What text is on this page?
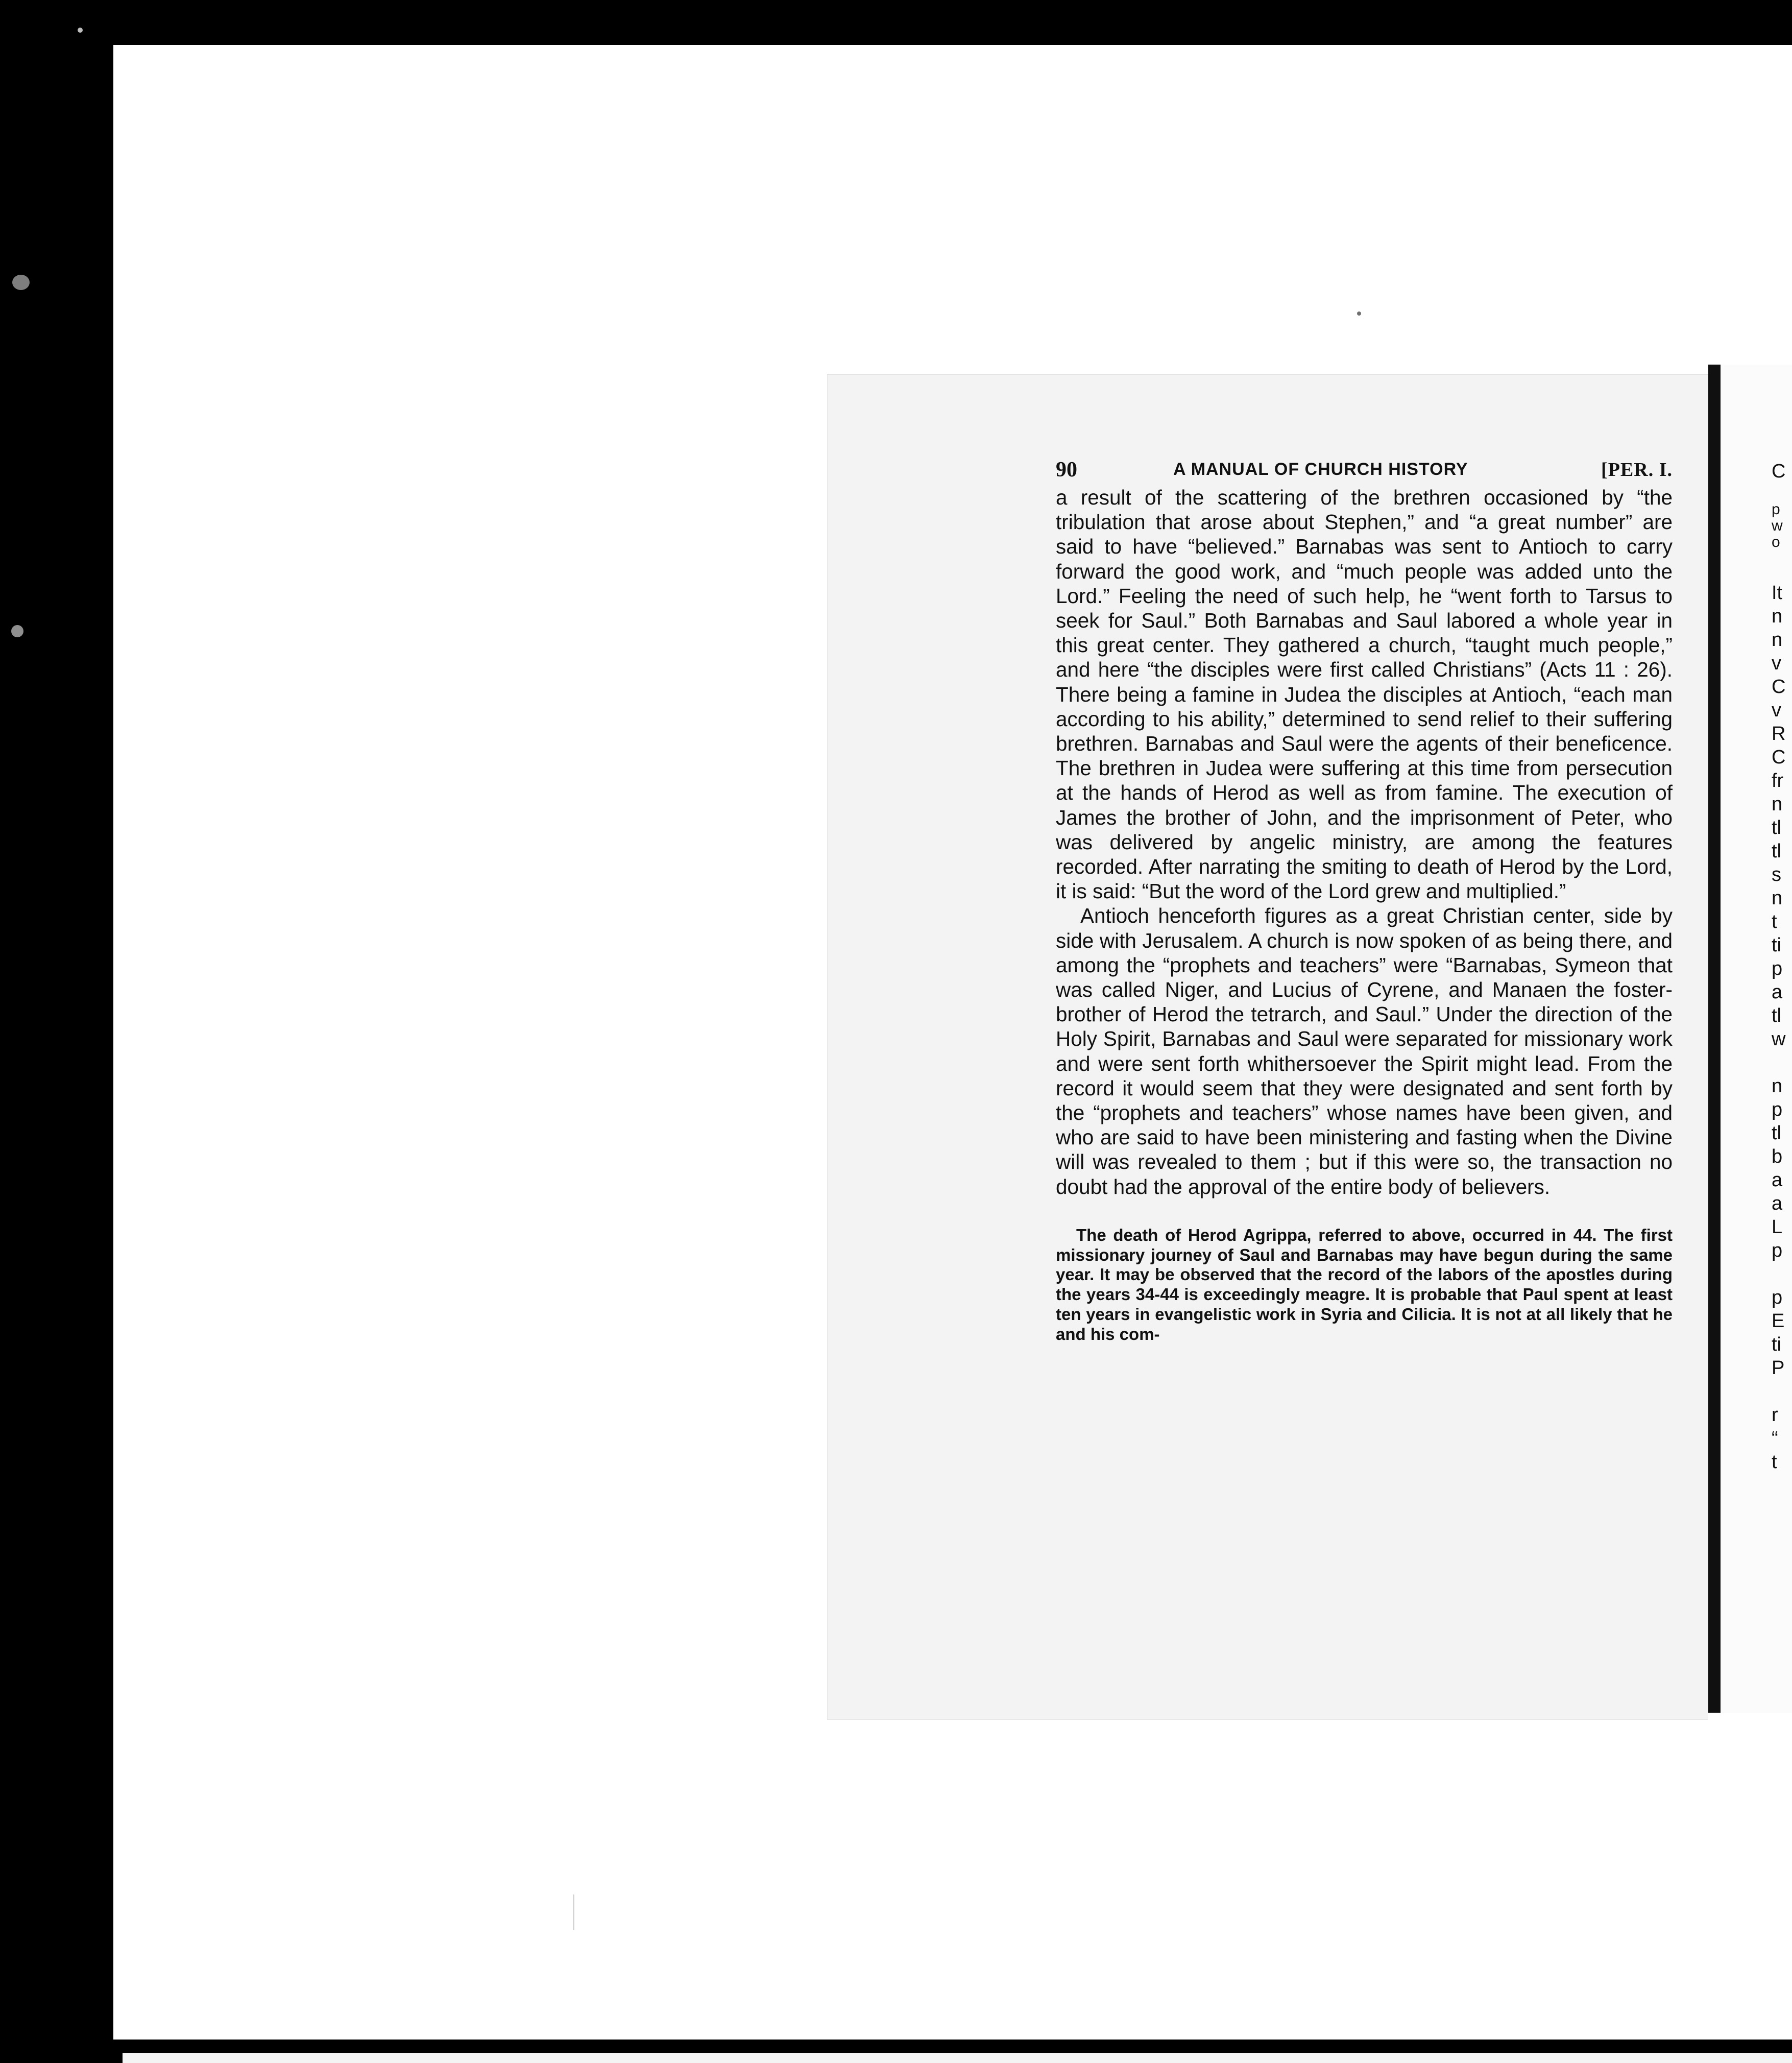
90	A MANUAL OF CHURCH HISTORY	[PER. I.

a result of the scattering of the brethren occasioned by “the tribulation that arose about Stephen,” and “a great number” are said to have “believed.” Barnabas was sent to Antioch to carry forward the good work, and “much people was added unto the Lord.” Feeling the need of such help, he “went forth to Tarsus to seek for Saul.” Both Barnabas and Saul labored a whole year in this great center. They gathered a church, “taught much people,” and here “the disciples were first called Christians” (Acts 11 : 26). There being a famine in Judea the disciples at Antioch, “each man according to his ability,” determined to send relief to their suffering brethren. Barnabas and Saul were the agents of their beneficence. The brethren in Judea were suffering at this time from persecution at the hands of Herod as well as from famine. The execution of James the brother of John, and the imprisonment of Peter, who was delivered by angelic ministry, are among the features recorded. After narrating the smiting to death of Herod by the Lord, it is said: “But the word of the Lord grew and multiplied.”

Antioch henceforth figures as a great Christian center, side by side with Jerusalem. A church is now spoken of as being there, and among the “prophets and teachers” were “Barnabas, Symeon that was called Niger, and Lucius of Cyrene, and Manaen the foster-brother of Herod the tetrarch, and Saul.” Under the direction of the Holy Spirit, Barnabas and Saul were separated for missionary work and were sent forth whithersoever the Spirit might lead. From the record it would seem that they were designated and sent forth by the “prophets and teachers” whose names have been given, and who are said to have been ministering and fasting when the Divine will was revealed to them ; but if this were so, the transaction no doubt had the approval of the entire body of believers.

The death of Herod Agrippa, referred to above, occurred in 44. The first missionary journey of Saul and Barnabas may have begun during the same year. It may be observed that the record of the labors of the apostles during the years 34-44 is exceedingly meagre. It is probable that Paul spent at least ten years in evangelistic work in Syria and Cilicia. It is not at all likely that he and his com-

C
p
w
o
It
n
n
v
C
v
R
C
fr
n
tl
tl
s
n
t
ti
p
a
tl
w
n
p
tl
b
a
a
L
p
p
E
ti
P
r
“
t
